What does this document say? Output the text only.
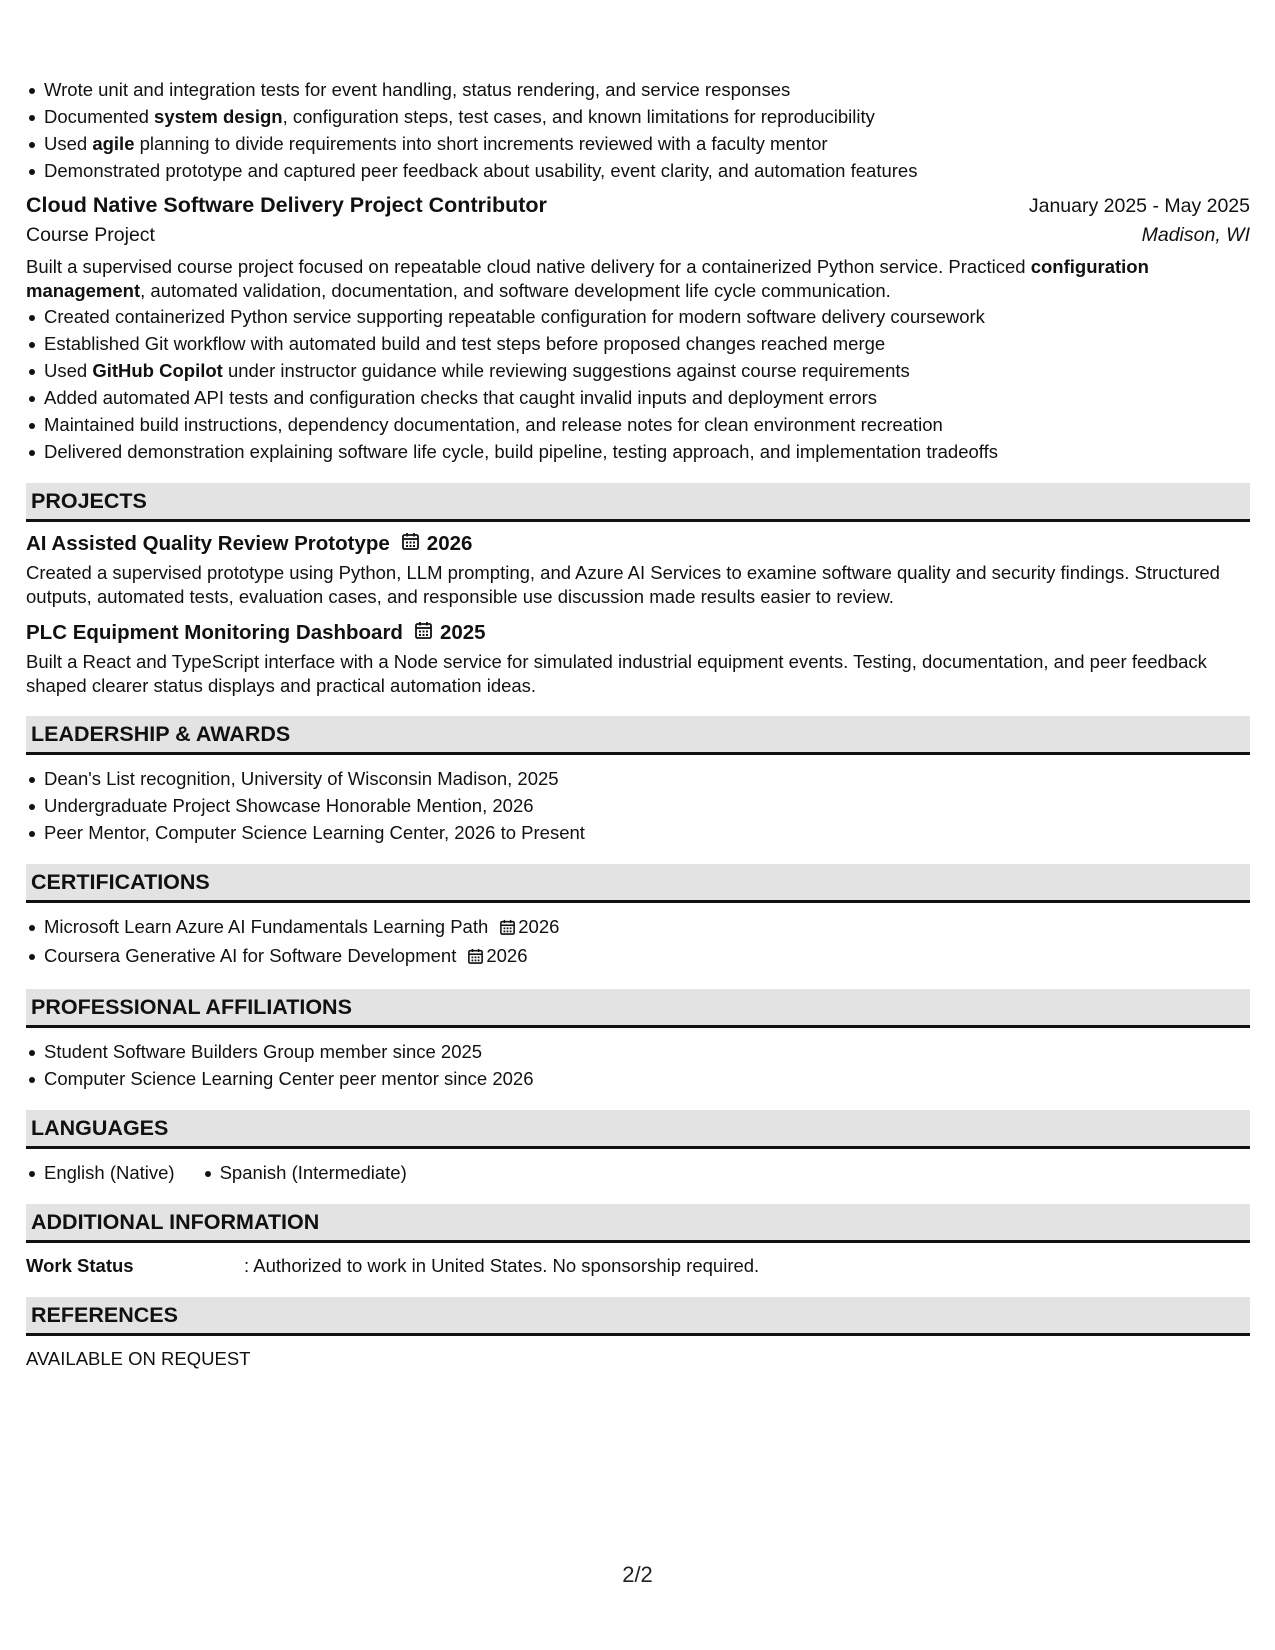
Wrote unit and integration tests for event handling, status rendering, and service responses
Documented system design, configuration steps, test cases, and known limitations for reproducibility
Used agile planning to divide requirements into short increments reviewed with a faculty mentor
Demonstrated prototype and captured peer feedback about usability, event clarity, and automation features
Cloud Native Software Delivery Project Contributor	January 2025 - May 2025
Course Project	Madison, WI
Built a supervised course project focused on repeatable cloud native delivery for a containerized Python service. Practiced configuration management, automated validation, documentation, and software development life cycle communication.
Created containerized Python service supporting repeatable configuration for modern software delivery coursework
Established Git workflow with automated build and test steps before proposed changes reached merge
Used GitHub Copilot under instructor guidance while reviewing suggestions against course requirements
Added automated API tests and configuration checks that caught invalid inputs and deployment errors
Maintained build instructions, dependency documentation, and release notes for clean environment recreation
Delivered demonstration explaining software life cycle, build pipeline, testing approach, and implementation tradeoffs
PROJECTS
AI Assisted Quality Review Prototype 2026
Created a supervised prototype using Python, LLM prompting, and Azure AI Services to examine software quality and security findings. Structured outputs, automated tests, evaluation cases, and responsible use discussion made results easier to review.
PLC Equipment Monitoring Dashboard 2025
Built a React and TypeScript interface with a Node service for simulated industrial equipment events. Testing, documentation, and peer feedback shaped clearer status displays and practical automation ideas.
LEADERSHIP & AWARDS
Dean's List recognition, University of Wisconsin Madison, 2025
Undergraduate Project Showcase Honorable Mention, 2026
Peer Mentor, Computer Science Learning Center, 2026 to Present
CERTIFICATIONS
Microsoft Learn Azure AI Fundamentals Learning Path 2026
Coursera Generative AI for Software Development 2026
PROFESSIONAL AFFILIATIONS
Student Software Builders Group member since 2025
Computer Science Learning Center peer mentor since 2026
LANGUAGES
English (Native) Spanish (Intermediate)
ADDITIONAL INFORMATION
Work Status	: Authorized to work in United States. No sponsorship required.
REFERENCES
AVAILABLE ON REQUEST
2/2
